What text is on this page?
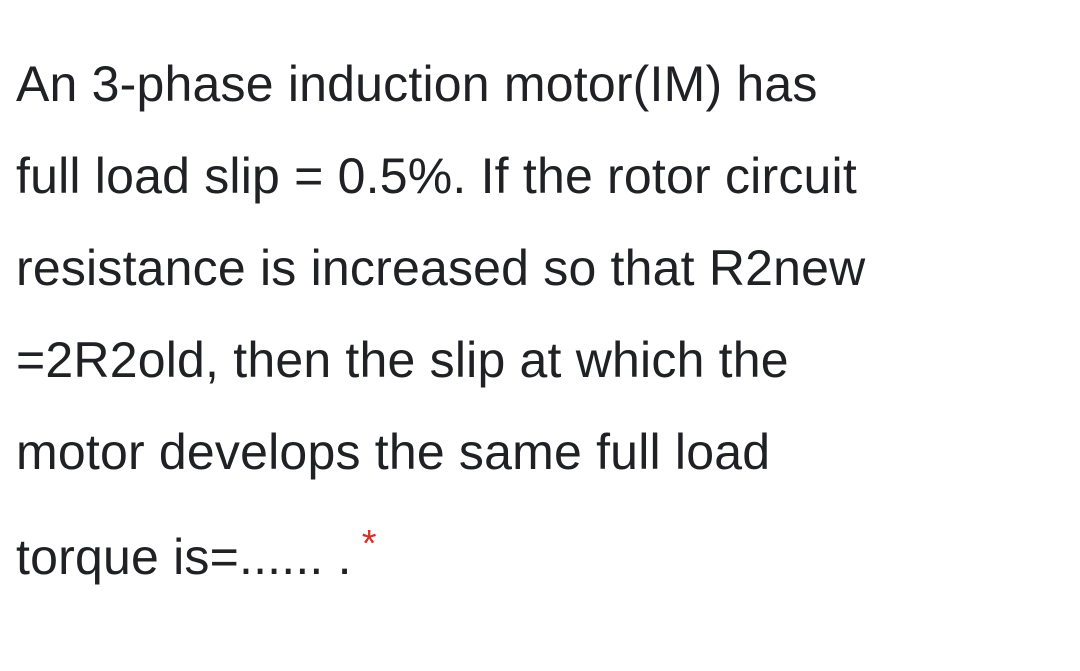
An 3-phase induction motor(IM) has
full load slip = 0.5%. If the rotor circuit
resistance is increased so that R2new
=2R2old, then the slip at which the
motor develops the same full load
torque is=...... . *
